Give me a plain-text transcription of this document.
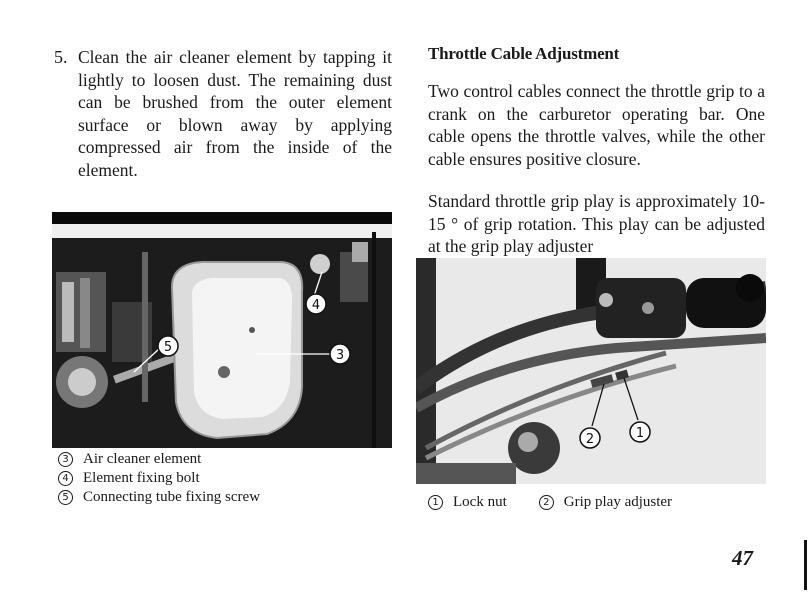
5. Clean the air cleaner element by tapping it lightly to loosen dust. The remaining dust can be brushed from the outer element surface or blown away by applying compressed air from the inside of the element.
Throttle Cable Adjustment
Two control cables connect the throttle grip to a crank on the carburetor operating bar. One cable opens the throttle valves, while the other cable ensures positive closure.
Standard throttle grip play is approximately 10-15 ° of grip rotation. This play can be adjusted at the grip play adjuster
5
4
3
3 Air cleaner element
4 Element fixing bolt
5 Connecting tube fixing screw
2	1
1 Lock nut	2 Grip play adjuster
47
